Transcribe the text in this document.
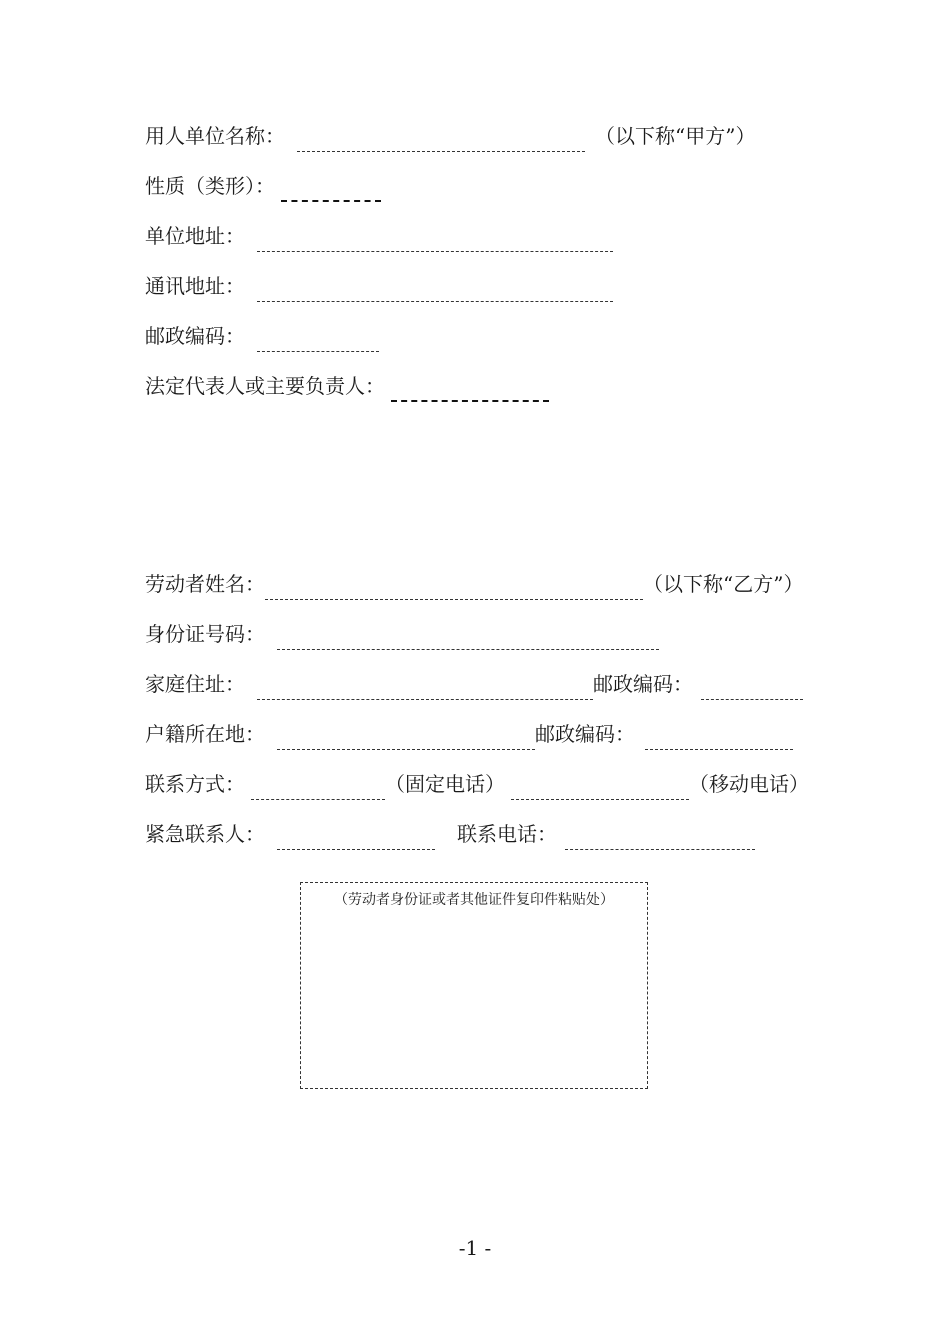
用人单位名称：	（以下称“甲方”）
性质（类形）：
单位地址：
通讯地址：
邮政编码：
法定代表人或主要负责人：
劳动者姓名：	（以下称“乙方”）
身份证号码：
家庭住址：	邮政编码：
户籍所在地：	邮政编码：
联系方式：	（固定电话）	（移动电话）
紧急联系人：	联系电话：
（劳动者身份证或者其他证件复印件粘贴处）
-1 -
